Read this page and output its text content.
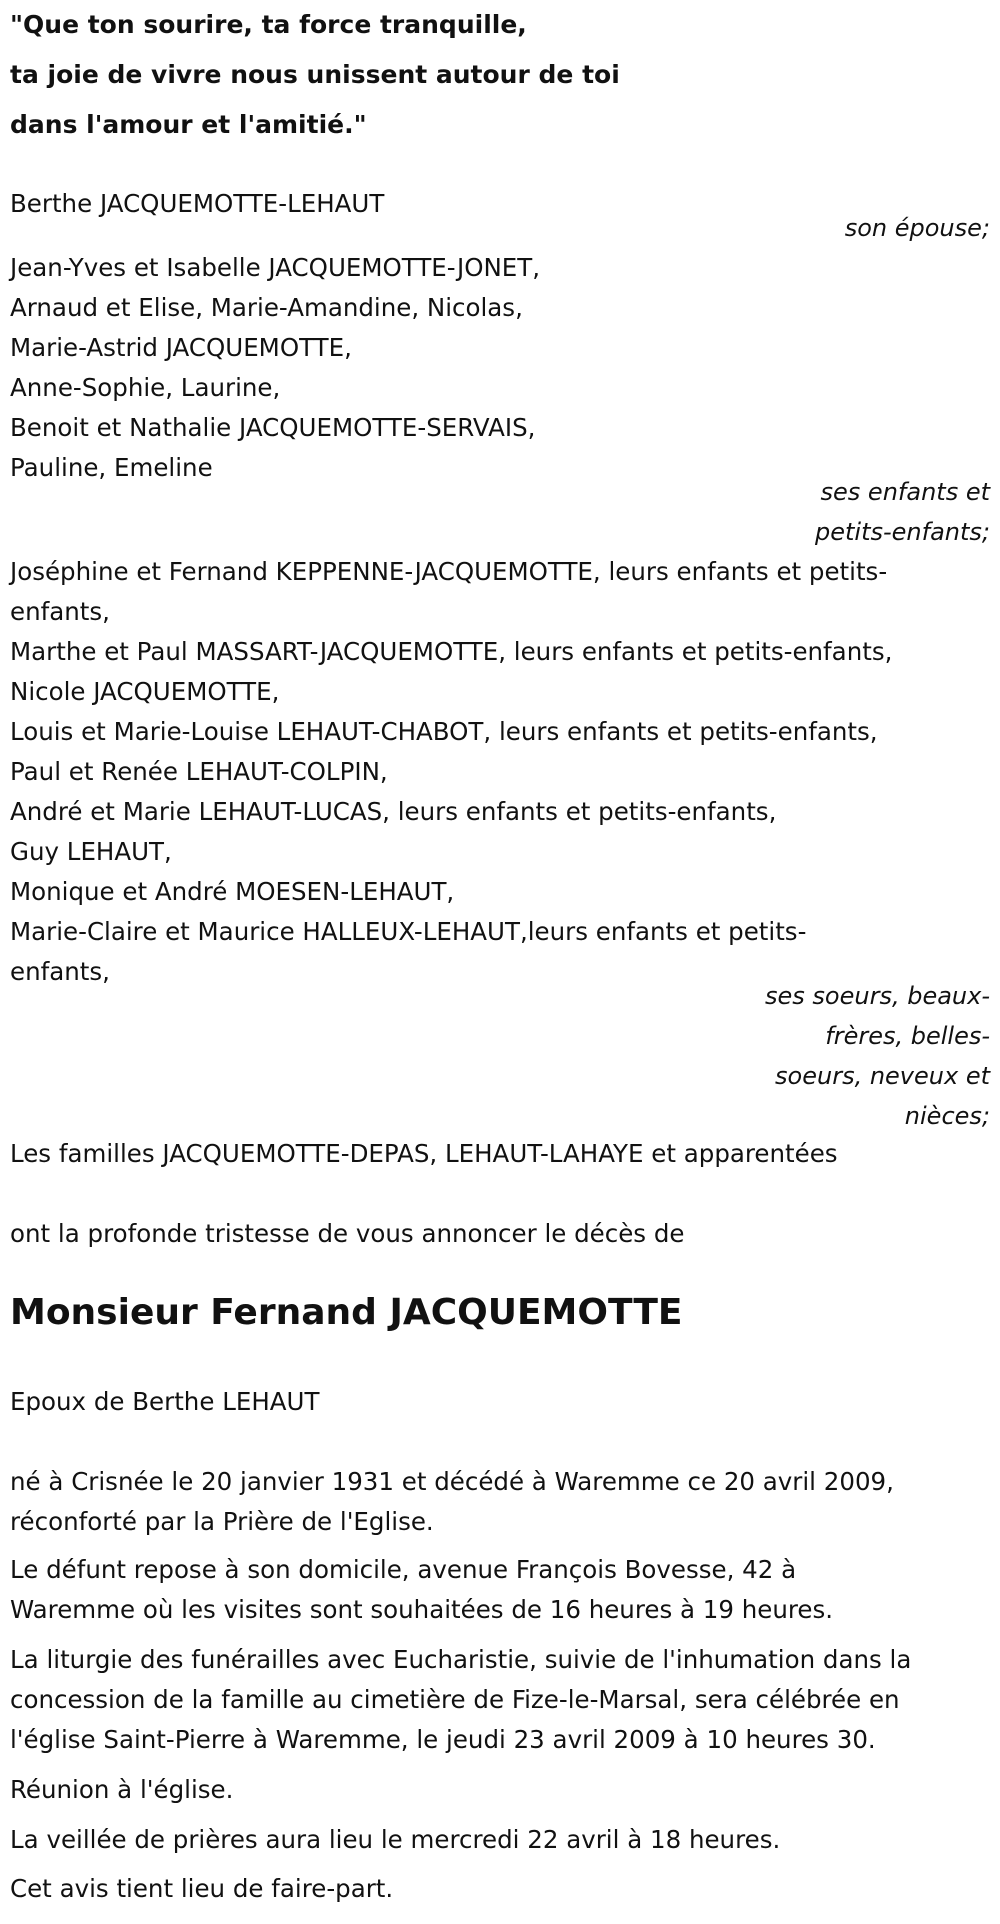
"Que ton sourire, ta force tranquille,
ta joie de vivre nous unissent autour de toi
dans l'amour et l'amitié."
Berthe JACQUEMOTTE-LEHAUT
son épouse;
Jean-Yves et Isabelle JACQUEMOTTE-JONET,
Arnaud et Elise, Marie-Amandine, Nicolas,
Marie-Astrid JACQUEMOTTE,
Anne-Sophie, Laurine,
Benoit et Nathalie JACQUEMOTTE-SERVAIS,
Pauline, Emeline
ses enfants et
petits-enfants;
Joséphine et Fernand KEPPENNE-JACQUEMOTTE, leurs enfants et petits-
enfants,
Marthe et Paul MASSART-JACQUEMOTTE, leurs enfants et petits-enfants,
Nicole JACQUEMOTTE,
Louis et Marie-Louise LEHAUT-CHABOT, leurs enfants et petits-enfants,
Paul et Renée LEHAUT-COLPIN,
André et Marie LEHAUT-LUCAS, leurs enfants et petits-enfants,
Guy LEHAUT,
Monique et André MOESEN-LEHAUT,
Marie-Claire et Maurice HALLEUX-LEHAUT,leurs enfants et petits-
enfants,
ses soeurs, beaux-
frères, belles-
soeurs, neveux et
nièces;
Les familles JACQUEMOTTE-DEPAS, LEHAUT-LAHAYE et apparentées
ont la profonde tristesse de vous annoncer le décès de
Monsieur Fernand JACQUEMOTTE
Epoux de Berthe LEHAUT
né à Crisnée le 20 janvier 1931 et décédé à Waremme ce 20 avril 2009,
réconforté par la Prière de l'Eglise.
Le défunt repose à son domicile, avenue François Bovesse, 42 à
Waremme où les visites sont souhaitées de 16 heures à 19 heures.
La liturgie des funérailles avec Eucharistie, suivie de l'inhumation dans la
concession de la famille au cimetière de Fize-le-Marsal, sera célébrée en
l'église Saint-Pierre à Waremme, le jeudi 23 avril 2009 à 10 heures 30.
Réunion à l'église.
La veillée de prières aura lieu le mercredi 22 avril à 18 heures.
Cet avis tient lieu de faire-part.
